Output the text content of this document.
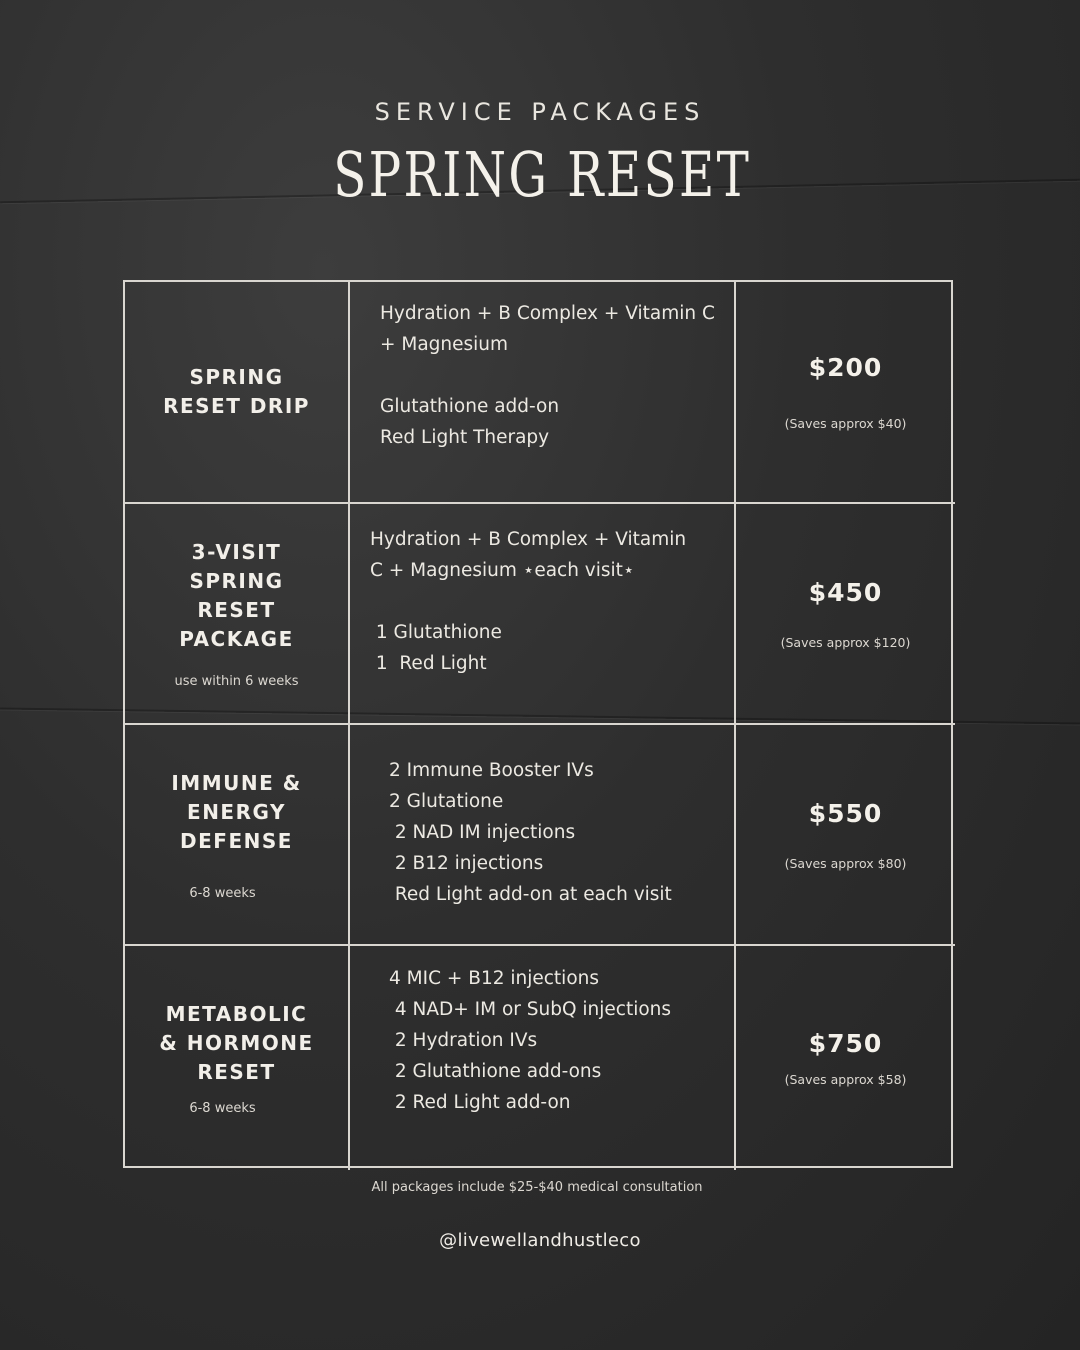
SERVICE PACKAGES
SPRING RESET
SPRING
RESET DRIP
Hydration + B Complex + Vitamin C
+ Magnesium
Glutathione add-on
Red Light Therapy
$200
(Saves approx $40)
3-VISIT
SPRING
RESET
PACKAGE
use within 6 weeks
Hydration + B Complex + Vitamin
C + Magnesium ⋆each visit⋆
1 Glutathione
1  Red Light
$450
(Saves approx $120)
IMMUNE &
ENERGY
DEFENSE
6-8 weeks
2 Immune Booster IVs
2 Glutatione
2 NAD IM injections
2 B12 injections
Red Light add-on at each visit
$550
(Saves approx $80)
METABOLIC
& HORMONE
RESET
6-8 weeks
4 MIC + B12 injections
4 NAD+ IM or SubQ injections
2 Hydration IVs
2 Glutathione add-ons
2 Red Light add-on
$750
(Saves approx $58)
All packages include $25-$40 medical consultation
@livewellandhustleco
